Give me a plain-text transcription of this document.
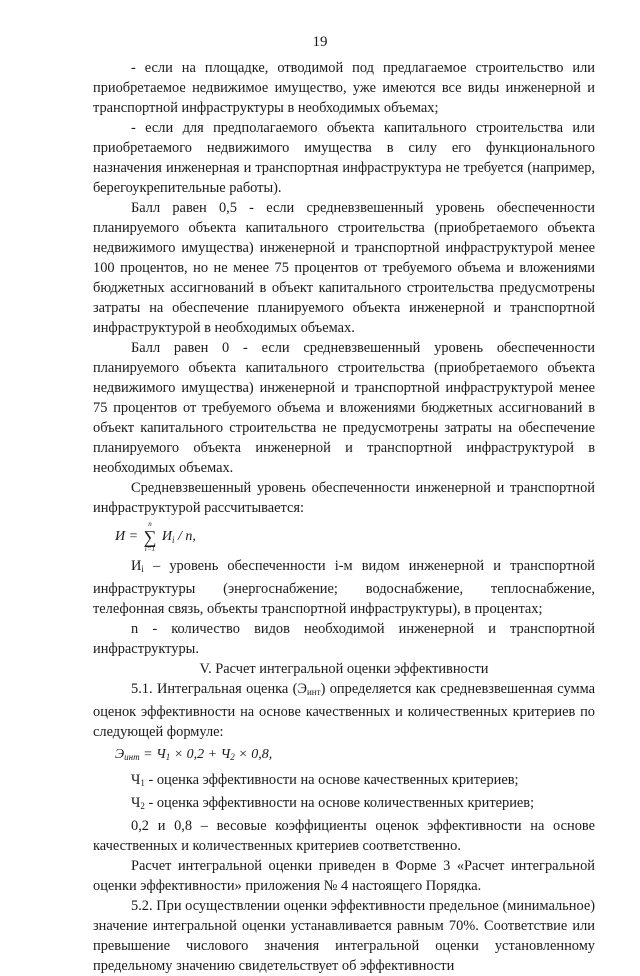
19

- если на площадке, отводимой под предлагаемое строительство или приобретаемое недвижимое имущество, уже имеются все виды инженерной и транспортной инфраструктуры в необходимых объемах;

- если для предполагаемого объекта капитального строительства или приобретаемого недвижимого имущества в силу его функционального назначения инженерная и транспортная инфраструктура не требуется (например, берегоукрепительные работы).

Балл равен 0,5 - если средневзвешенный уровень обеспеченности планируемого объекта капитального строительства (приобретаемого объекта недвижимого имущества) инженерной и транспортной инфраструктурой менее 100 процентов, но не менее 75 процентов от требуемого объема и вложениями бюджетных ассигнований в объект капитального строительства предусмотрены затраты на обеспечение планируемого объекта инженерной и транспортной инфраструктурой в необходимых объемах.

Балл равен 0 - если средневзвешенный уровень обеспеченности планируемого объекта капитального строительства (приобретаемого объекта недвижимого имущества) инженерной и транспортной инфраструктурой менее 75 процентов от требуемого объема и вложениями бюджетных ассигнований в объект капитального строительства не предусмотрены затраты на обеспечение планируемого объекта инженерной и транспортной инфраструктурой в необходимых объемах.

Средневзвешенный уровень обеспеченности инженерной и транспортной инфраструктурой рассчитывается:

И =
n
∑
i=1
$И_i$ / n,

$И_i$ – уровень обеспеченности i-м видом инженерной и транспортной инфраструктуры (энергоснабжение; водоснабжение, теплоснабжение, телефонная связь, объекты транспортной инфраструктуры), в процентах;

n - количество видов необходимой инженерной и транспортной инфраструктуры.

V. Расчет интегральной оценки эффективности

5.1. Интегральная оценка $(Э_{инт})$ определяется как средневзвешенная сумма оценок эффективности на основе качественных и количественных критериев по следующей формуле:

$Э_{инт} = Ч_1 \times 0,2 + Ч_2 \times 0,8$,

$Ч_1$ - оценка эффективности на основе качественных критериев;

$Ч_2$ - оценка эффективности на основе количественных критериев;

0,2 и 0,8 – весовые коэффициенты оценок эффективности на основе качественных и количественных критериев соответственно.

Расчет интегральной оценки приведен в Форме 3 «Расчет интегральной оценки эффективности» приложения № 4 настоящего Порядка.

5.2. При осуществлении оценки эффективности предельное (минимальное) значение интегральной оценки устанавливается равным 70%. Соответствие или превышение числового значения интегральной оценки установленному предельному значению свидетельствует об эффективности
